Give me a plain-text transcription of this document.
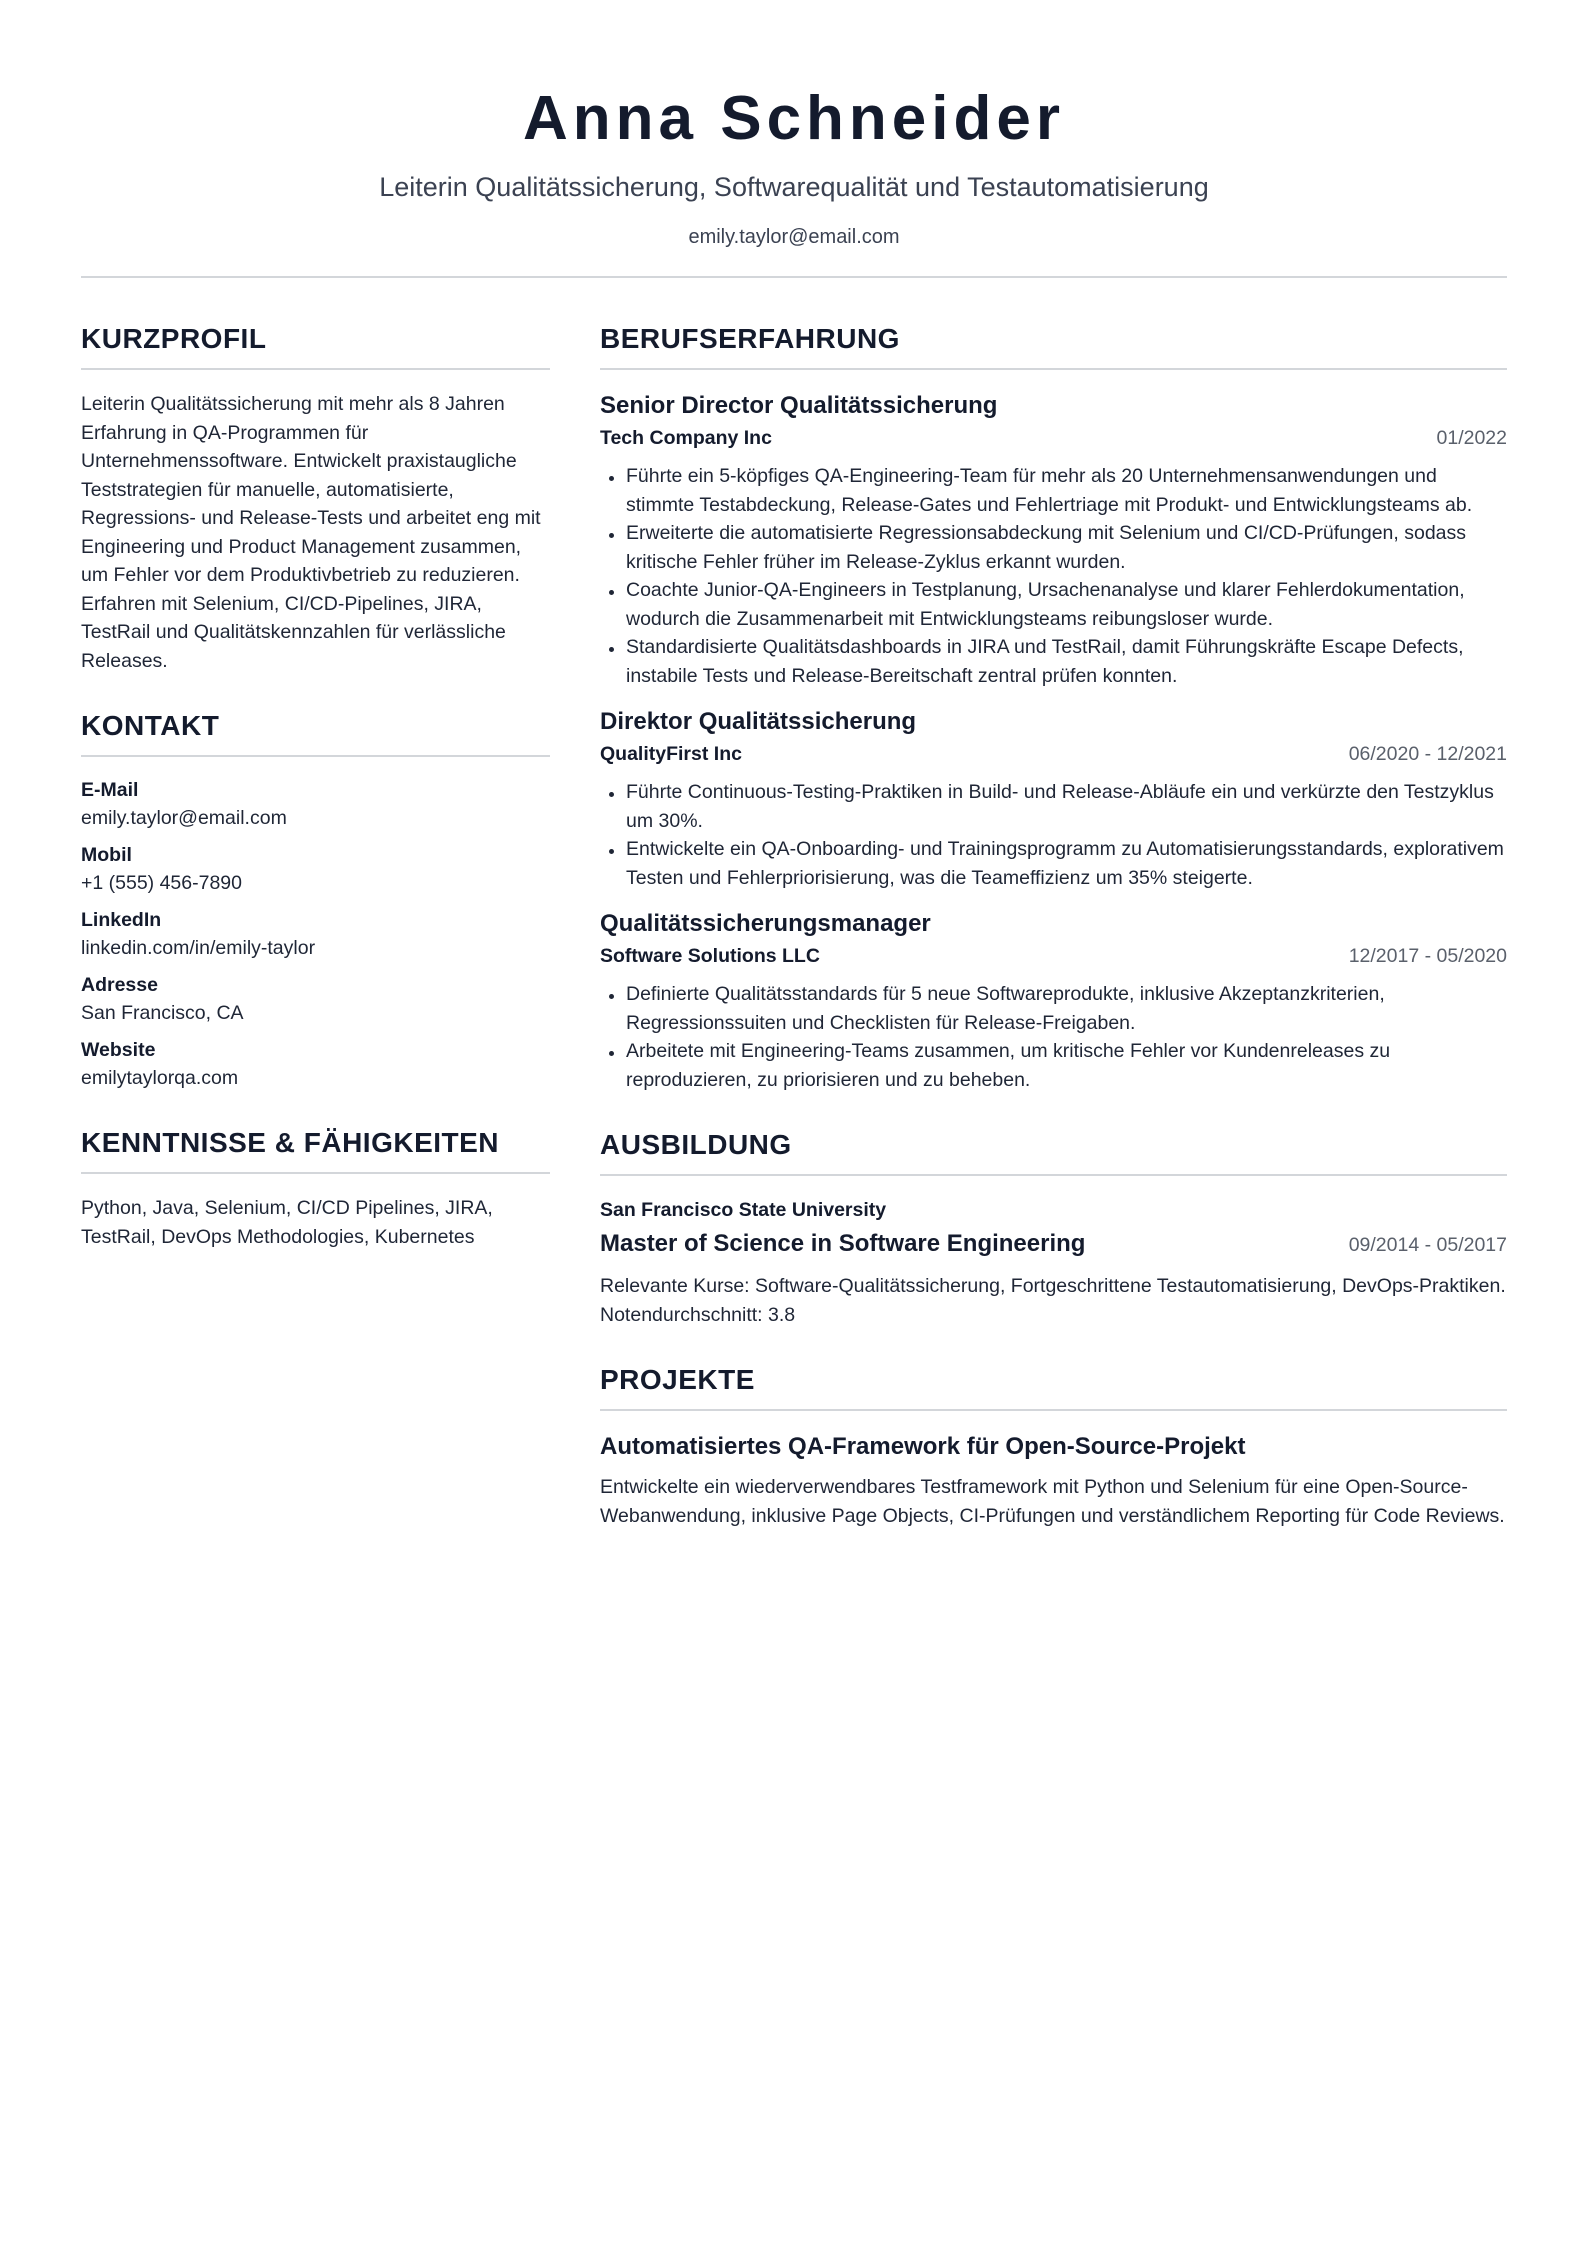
Anna Schneider
Leiterin Qualitätssicherung, Softwarequalität und Testautomatisierung
emily.taylor@email.com
KURZPROFIL
Leiterin Qualitätssicherung mit mehr als 8 Jahren Erfahrung in QA-Programmen für Unternehmenssoftware. Entwickelt praxistaugliche Teststrategien für manuelle, automatisierte, Regressions- und Release-Tests und arbeitet eng mit Engineering und Product Management zusammen, um Fehler vor dem Produktivbetrieb zu reduzieren. Erfahren mit Selenium, CI/CD-Pipelines, JIRA, TestRail und Qualitätskennzahlen für verlässliche Releases.
KONTAKT
E-Mail
emily.taylor@email.com
Mobil
+1 (555) 456-7890
LinkedIn
linkedin.com/in/emily-taylor
Adresse
San Francisco, CA
Website
emilytaylorqa.com
KENNTNISSE & FÄHIGKEITEN
Python, Java, Selenium, CI/CD Pipelines, JIRA, TestRail, DevOps Methodologies, Kubernetes
BERUFSERFAHRUNG
Senior Director Qualitätssicherung
Tech Company Inc	01/2022
Führte ein 5-köpfiges QA-Engineering-Team für mehr als 20 Unternehmensanwendungen und stimmte Testabdeckung, Release-Gates und Fehlertriage mit Produkt- und Entwicklungsteams ab.
Erweiterte die automatisierte Regressionsabdeckung mit Selenium und CI/CD-Prüfungen, sodass kritische Fehler früher im Release-Zyklus erkannt wurden.
Coachte Junior-QA-Engineers in Testplanung, Ursachenanalyse und klarer Fehlerdokumentation, wodurch die Zusammenarbeit mit Entwicklungsteams reibungsloser wurde.
Standardisierte Qualitätsdashboards in JIRA und TestRail, damit Führungskräfte Escape Defects, instabile Tests und Release-Bereitschaft zentral prüfen konnten.
Direktor Qualitätssicherung
QualityFirst Inc	06/2020 - 12/2021
Führte Continuous-Testing-Praktiken in Build- und Release-Abläufe ein und verkürzte den Testzyklus um 30%.
Entwickelte ein QA-Onboarding- und Trainingsprogramm zu Automatisierungsstandards, explorativem Testen und Fehlerpriorisierung, was die Teameffizienz um 35% steigerte.
Qualitätssicherungsmanager
Software Solutions LLC	12/2017 - 05/2020
Definierte Qualitätsstandards für 5 neue Softwareprodukte, inklusive Akzeptanzkriterien, Regressionssuiten und Checklisten für Release-Freigaben.
Arbeitete mit Engineering-Teams zusammen, um kritische Fehler vor Kundenreleases zu reproduzieren, zu priorisieren und zu beheben.
AUSBILDUNG
San Francisco State University
Master of Science in Software Engineering	09/2014 - 05/2017
Relevante Kurse: Software-Qualitätssicherung, Fortgeschrittene Testautomatisierung, DevOps-Praktiken. Notendurchschnitt: 3.8
PROJEKTE
Automatisiertes QA-Framework für Open-Source-Projekt
Entwickelte ein wiederverwendbares Testframework mit Python und Selenium für eine Open-Source-Webanwendung, inklusive Page Objects, CI-Prüfungen und verständlichem Reporting für Code Reviews.
